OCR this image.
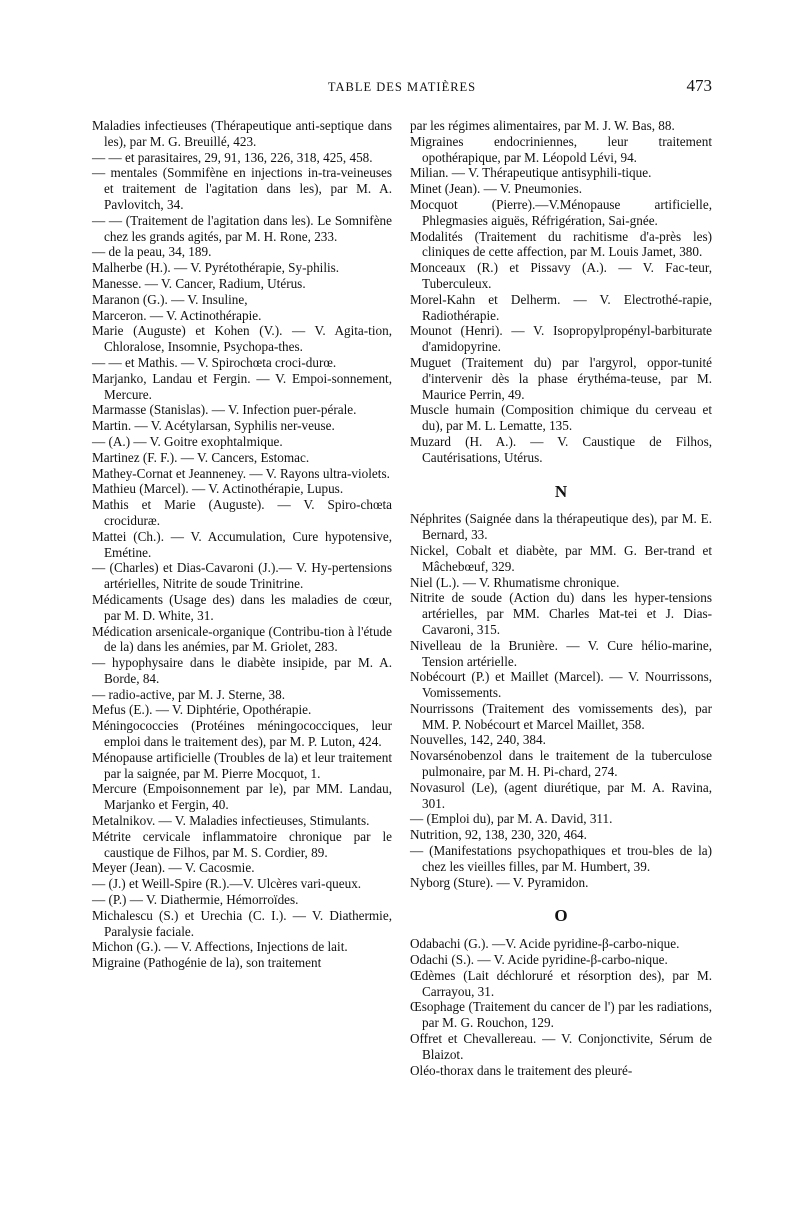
TABLE DES MATIÈRES	473

Maladies infectieuses (Thérapeutique anti-septique dans les), par M. G. Breuillé, 423.

— — et parasitaires, 29, 91, 136, 226, 318, 425, 458.

— mentales (Sommifène en injections in-tra-veineuses et traitement de l'agitation dans les), par M. A. Pavlovitch, 34.

— — (Traitement de l'agitation dans les). Le Somnifène chez les grands agités, par M. H. Rone, 233.

— de la peau, 34, 189.

Malherbe (H.). — V. Pyrétothérapie, Sy-philis.

Manesse. — V. Cancer, Radium, Utérus.

Maranon (G.). — V. Insuline,

Marceron. — V. Actinothérapie.

Marie (Auguste) et Kohen (V.). — V. Agita-tion, Chloralose, Insomnie, Psychopa-thes.

— — et Mathis. — V. Spirochœta croci-durœ.

Marjanko, Landau et Fergin. — V. Empoi-sonnement, Mercure.

Marmasse (Stanislas). — V. Infection puer-pérale.

Martin. — V. Acétylarsan, Syphilis ner-veuse.

— (A.) — V. Goitre exophtalmique.

Martinez (F. F.). — V. Cancers, Estomac.

Mathey-Cornat et Jeanneney. — V. Rayons ultra-violets.

Mathieu (Marcel). — V. Actinothérapie, Lupus.

Mathis et Marie (Auguste). — V. Spiro-chœta crociduræ.

Mattei (Ch.). — V. Accumulation, Cure hypotensive, Emétine.

— (Charles) et Dias-Cavaroni (J.).— V. Hy-pertensions artérielles, Nitrite de soude Trinitrine.

Médicaments (Usage des) dans les maladies de cœur, par M. D. White, 31.

Médication arsenicale-organique (Contribu-tion à l'étude de la) dans les anémies, par M. Griolet, 283.

— hypophysaire dans le diabète insipide, par M. A. Borde, 84.

— radio-active, par M. J. Sterne, 38.

Mefus (E.). — V. Diphtérie, Opothérapie.

Méningococcies (Protéines méningococciques, leur emploi dans le traitement des), par M. P. Luton, 424.

Ménopause artificielle (Troubles de la) et leur traitement par la saignée, par M. Pierre Mocquot, 1.

Mercure (Empoisonnement par le), par MM. Landau, Marjanko et Fergin, 40.

Metalnikov. — V. Maladies infectieuses, Stimulants.

Métrite cervicale inflammatoire chronique par le caustique de Filhos, par M. S. Cordier, 89.

Meyer (Jean). — V. Cacosmie.

— (J.) et Weill-Spire (R.).—V. Ulcères vari-queux.

— (P.) — V. Diathermie, Hémorroïdes.

Michalescu (S.) et Urechia (C. I.). — V. Diathermie, Paralysie faciale.

Michon (G.). — V. Affections, Injections de lait.

Migraine (Pathogénie de la), son traitement

par les régimes alimentaires, par M. J. W. Bas, 88.

Migraines endocriniennes, leur traitement opothérapique, par M. Léopold Lévi, 94.

Milian. — V. Thérapeutique antisyphili-tique.

Minet (Jean). — V. Pneumonies.

Mocquot (Pierre).—V.Ménopause artificielle, Phlegmasies aiguës, Réfrigération, Sai-gnée.

Modalités (Traitement du rachitisme d'a-près les) cliniques de cette affection, par M. Louis Jamet, 380.

Monceaux (R.) et Pissavy (A.). — V. Fac-teur, Tuberculeux.

Morel-Kahn et Delherm. — V. Electrothé-rapie, Radiothérapie.

Mounot (Henri). — V. Isopropylpropényl-barbiturate d'amidopyrine.

Muguet (Traitement du) par l'argyrol, oppor-tunité d'intervenir dès la phase érythéma-teuse, par M. Maurice Perrin, 49.

Muscle humain (Composition chimique du cerveau et du), par M. L. Lematte, 135.

Muzard (H. A.). — V. Caustique de Filhos, Cautérisations, Utérus.

N

Néphrites (Saignée dans la thérapeutique des), par M. E. Bernard, 33.

Nickel, Cobalt et diabète, par MM. G. Ber-trand et Mâchebœuf, 329.

Niel (L.). — V. Rhumatisme chronique.

Nitrite de soude (Action du) dans les hyper-tensions artérielles, par MM. Charles Mat-tei et J. Dias-Cavaroni, 315.

Nivelleau de la Brunière. — V. Cure hélio-marine, Tension artérielle.

Nobécourt (P.) et Maillet (Marcel). — V. Nourrissons, Vomissements.

Nourrissons (Traitement des vomissements des), par MM. P. Nobécourt et Marcel Maillet, 358.

Nouvelles, 142, 240, 384.

Novarsénobenzol dans le traitement de la tuberculose pulmonaire, par M. H. Pi-chard, 274.

Novasurol (Le), (agent diurétique, par M. A. Ravina, 301.

— (Emploi du), par M. A. David, 311.

Nutrition, 92, 138, 230, 320, 464.

— (Manifestations psychopathiques et trou-bles de la) chez les vieilles filles, par M. Humbert, 39.

Nyborg (Sture). — V. Pyramidon.

O

Odabachi (G.). —V. Acide pyridine-β-carbo-nique.

Odachi (S.). — V. Acide pyridine-β-carbo-nique.

Œdèmes (Lait déchloruré et résorption des), par M. Carrayou, 31.

Œsophage (Traitement du cancer de l') par les radiations, par M. G. Rouchon, 129.

Offret et Chevallereau. — V. Conjonctivite, Sérum de Blaizot.

Oléo-thorax dans le traitement des pleuré-
